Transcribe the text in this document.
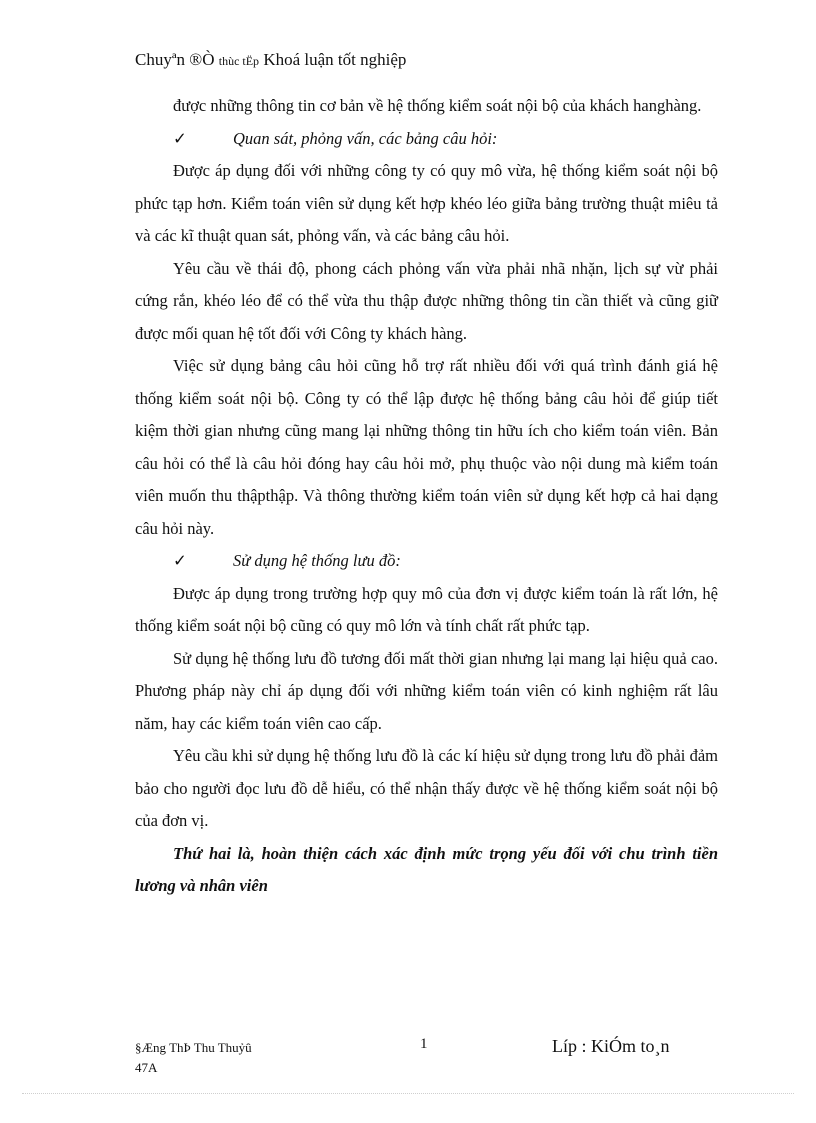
Chuyªn ®Ò thùc tËp Khoá luận tốt nghiệp

được những thông tin cơ bản về hệ thống kiểm soát nội bộ của khách hanghàng.

✓	Quan sát, phỏng vấn, các bảng câu hỏi:

Được áp dụng đối với những công ty có quy mô vừa, hệ thống kiểm soát nội bộ phức tạp hơn. Kiểm toán viên sử dụng kết hợp khéo léo giữa bảng trường thuật miêu tả và các kĩ thuật quan sát, phỏng vấn, và các bảng câu hỏi.

Yêu cầu về thái độ, phong cách phỏng vấn vừa phải nhã nhặn, lịch sự vừ phải cứng rắn, khéo léo để có thể vừa thu thập được những thông tin cần thiết và cũng giữ được mối quan hệ tốt đối với Công ty khách hàng.

Việc sử dụng bảng câu hỏi cũng hỗ trợ rất nhiều đối với quá trình đánh giá hệ thống kiểm soát nội bộ. Công ty có thể lập được hệ thống bảng câu hỏi để giúp tiết kiệm thời gian nhưng cũng mang lại những thông tin hữu ích cho kiểm toán viên. Bản câu hỏi có thể là câu hỏi đóng hay câu hỏi mở, phụ thuộc vào nội dung mà kiểm toán viên muốn thu thậpthập. Và thông thường kiểm toán viên sử dụng kết hợp cả hai dạng câu hỏi này.

✓	Sử dụng hệ thống lưu đồ:

Được áp dụng trong trường hợp quy mô của đơn vị được kiểm toán là rất lớn, hệ thống kiểm soát nội bộ cũng có quy mô lớn và tính chất rất phức tạp.

Sử dụng hệ thống lưu đồ tương đối mất thời gian nhưng lại mang lại hiệu quả cao. Phương pháp này chỉ áp dụng đối với những kiểm toán viên có kinh nghiệm rất lâu năm, hay các kiểm toán viên cao cấp.

Yêu cầu khi sử dụng hệ thống lưu đồ là các kí hiệu sử dụng trong lưu đồ phải đảm bảo cho người đọc lưu đồ dễ hiểu, có thể nhận thấy được về hệ thống kiểm soát nội bộ của đơn vị.

Thứ hai là, hoàn thiện cách xác định mức trọng yếu đối với chu trình tiền lương và nhân viên

§Æng ThÞ Thu Thuỷû
47A
1	Líp : KiÓm to¸n
